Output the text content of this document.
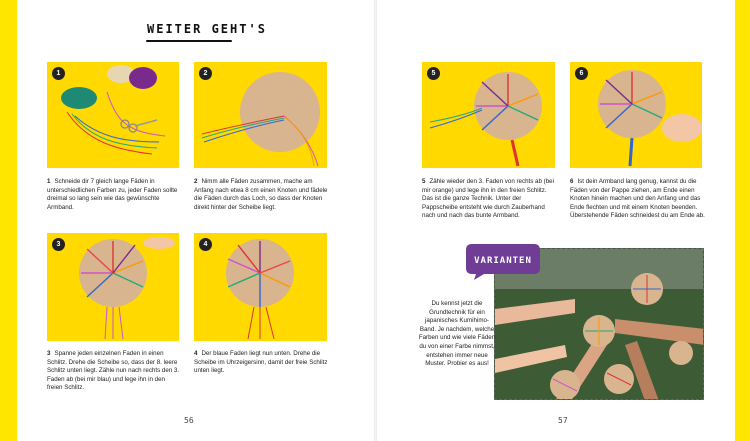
WEITER GEHT'S
1	2
1 Schneide dir 7 gleich lange Fäden in unterschiedlichen Farben zu, jeder Faden sollte dreimal so lang sein wie das gewünschte Armband.
2 Nimm alle Fäden zusammen, mache am Anfang nach etwa 8 cm einen Knoten und fädele die Fäden durch das Loch, so dass der Knoten direkt hinter der Scheibe liegt.
3	4
3 Spanne jeden einzelnen Faden in einen Schlitz. Drehe die Scheibe so, dass der 8. leere Schlitz unten liegt. Zähle nun nach rechts den 3. Faden ab (bei mir blau) und lege ihn in den freien Schlitz.
4 Der blaue Faden liegt nun unten. Drehe die Scheibe im Uhrzeigersinn, damit der freie Schlitz unten liegt.
5	6
5 Zähle wieder den 3. Faden von rechts ab (bei mir orange) und lege ihn in den freien Schlitz. Das ist die ganze Technik. Unter der Pappscheibe entsteht wie durch Zauberhand nach und nach das bunte Armband.
6 Ist dein Armband lang genug, kannst du die Fäden von der Pappe ziehen, am Ende einen Knoten hinein machen und den Anfang und das Ende flechten und mit einem Knoten beenden. Überstehende Fäden schneidest du am Ende ab.
VARIANTEN
Du kennst jetzt die Grundtechnik für ein japanisches Kumihimo-Band. Je nachdem, welche Farben und wie viele Fäden du von einer Farbe nimmst, entstehen immer neue Muster. Probier es aus!
56	57
